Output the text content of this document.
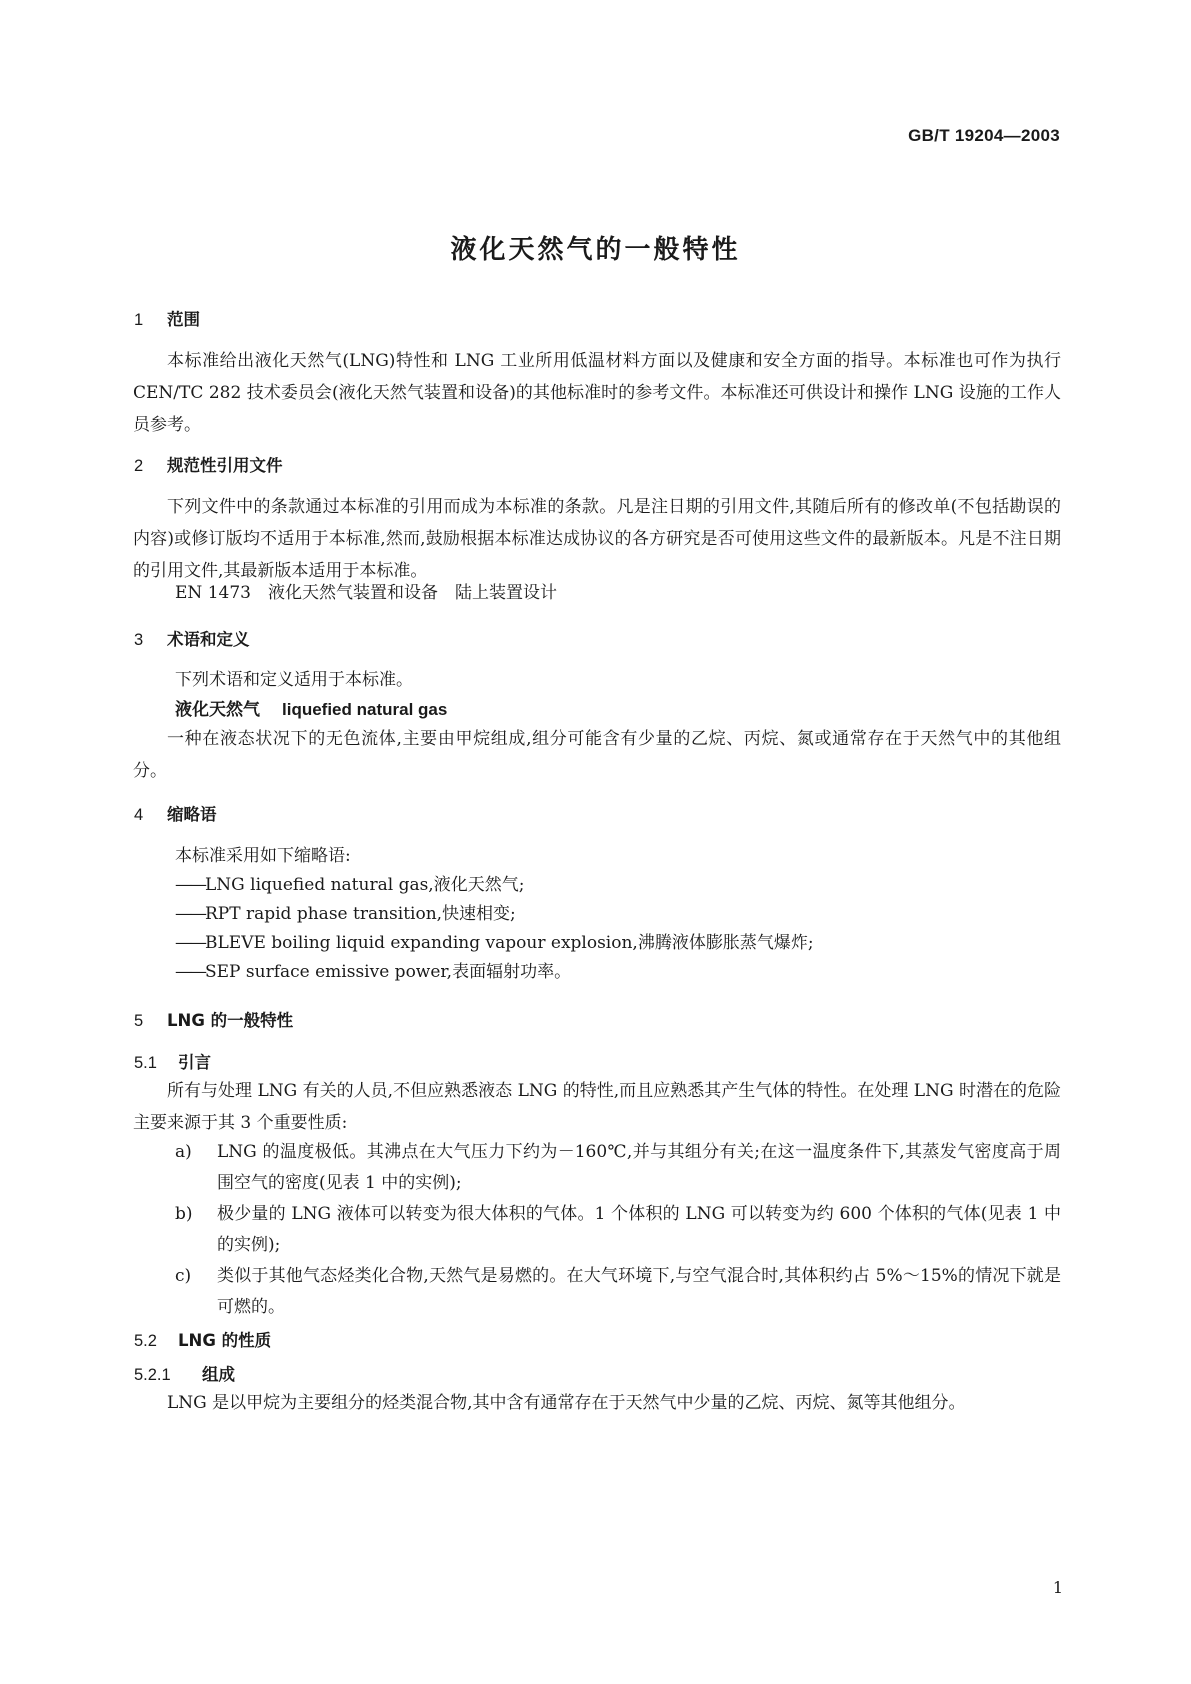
GB/T 19204—2003
液化天然气的一般特性
1 范围

本标准给出液化天然气(LNG)特性和 LNG 工业所用低温材料方面以及健康和安全方面的指导。本标准也可作为执行 CEN/TC 282 技术委员会(液化天然气装置和设备)的其他标准时的参考文件。本标准还可供设计和操作 LNG 设施的工作人员参考。

2 规范性引用文件

下列文件中的条款通过本标准的引用而成为本标准的条款。凡是注日期的引用文件,其随后所有的修改单(不包括勘误的内容)或修订版均不适用于本标准,然而,鼓励根据本标准达成协议的各方研究是否可使用这些文件的最新版本。凡是不注日期的引用文件,其最新版本适用于本标准。

EN 1473　液化天然气装置和设备　陆上装置设计
3 术语和定义
下列术语和定义适用于本标准。
液化天然气 liquefied natural gas

一种在液态状况下的无色流体,主要由甲烷组成,组分可能含有少量的乙烷、丙烷、氮或通常存在于天然气中的其他组分。

4 缩略语
本标准采用如下缩略语:
——LNG liquefied natural gas,液化天然气;
——RPT rapid phase transition,快速相变;
——BLEVE boiling liquid expanding vapour explosion,沸腾液体膨胀蒸气爆炸;
——SEP surface emissive power,表面辐射功率。
5 LNG 的一般特性
5.1 引言

所有与处理 LNG 有关的人员,不但应熟悉液态 LNG 的特性,而且应熟悉其产生气体的特性。在处理 LNG 时潜在的危险主要来源于其 3 个重要性质:

a)	LNG 的温度极低。其沸点在大气压力下约为－160℃,并与其组分有关;在这一温度条件下,其蒸发气密度高于周围空气的密度(见表 1 中的实例);
b)	极少量的 LNG 液体可以转变为很大体积的气体。1 个体积的 LNG 可以转变为约 600 个体积的气体(见表 1 中的实例);
c)	类似于其他气态烃类化合物,天然气是易燃的。在大气环境下,与空气混合时,其体积约占 5%～15%的情况下就是可燃的。
5.2 LNG 的性质
5.2.1 组成

LNG 是以甲烷为主要组分的烃类混合物,其中含有通常存在于天然气中少量的乙烷、丙烷、氮等其他组分。

1
